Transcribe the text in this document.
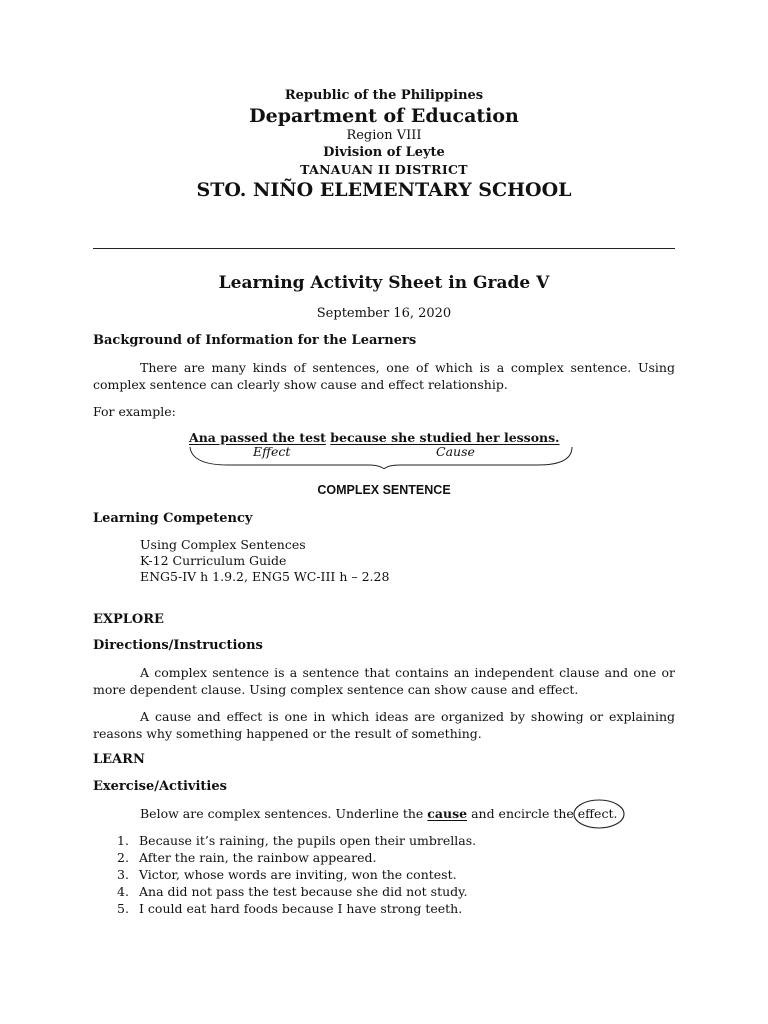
Republic of the Philippines
Department of Education
Region VIII
Division of Leyte
TANAUAN II DISTRICT
STO. NIÑO ELEMENTARY SCHOOL
Learning Activity Sheet in Grade V
September 16, 2020
Background of Information for the Learners
There are many kinds of sentences, one of which is a complex sentence. Using complex sentence can clearly show cause and effect relationship.
For example:
Ana passed the test because she studied her lessons.
Effect	Cause
COMPLEX SENTENCE
Learning Competency
Using Complex Sentences
K-12 Curriculum Guide
ENG5-IV h 1.9.2, ENG5 WC-III h – 2.28
EXPLORE
Directions/Instructions
A complex sentence is a sentence that contains an independent clause and one or more dependent clause. Using complex sentence can show cause and effect.
A cause and effect is one in which ideas are organized by showing or explaining reasons why something happened or the result of something.
LEARN
Exercise/Activities
Below are complex sentences. Underline the cause and encircle the effect
.
1. Because it’s raining, the pupils open their umbrellas.
2. After the rain, the rainbow appeared.
3. Victor, whose words are inviting, won the contest.
4. Ana did not pass the test because she did not study.
5. I could eat hard foods because I have strong teeth.
